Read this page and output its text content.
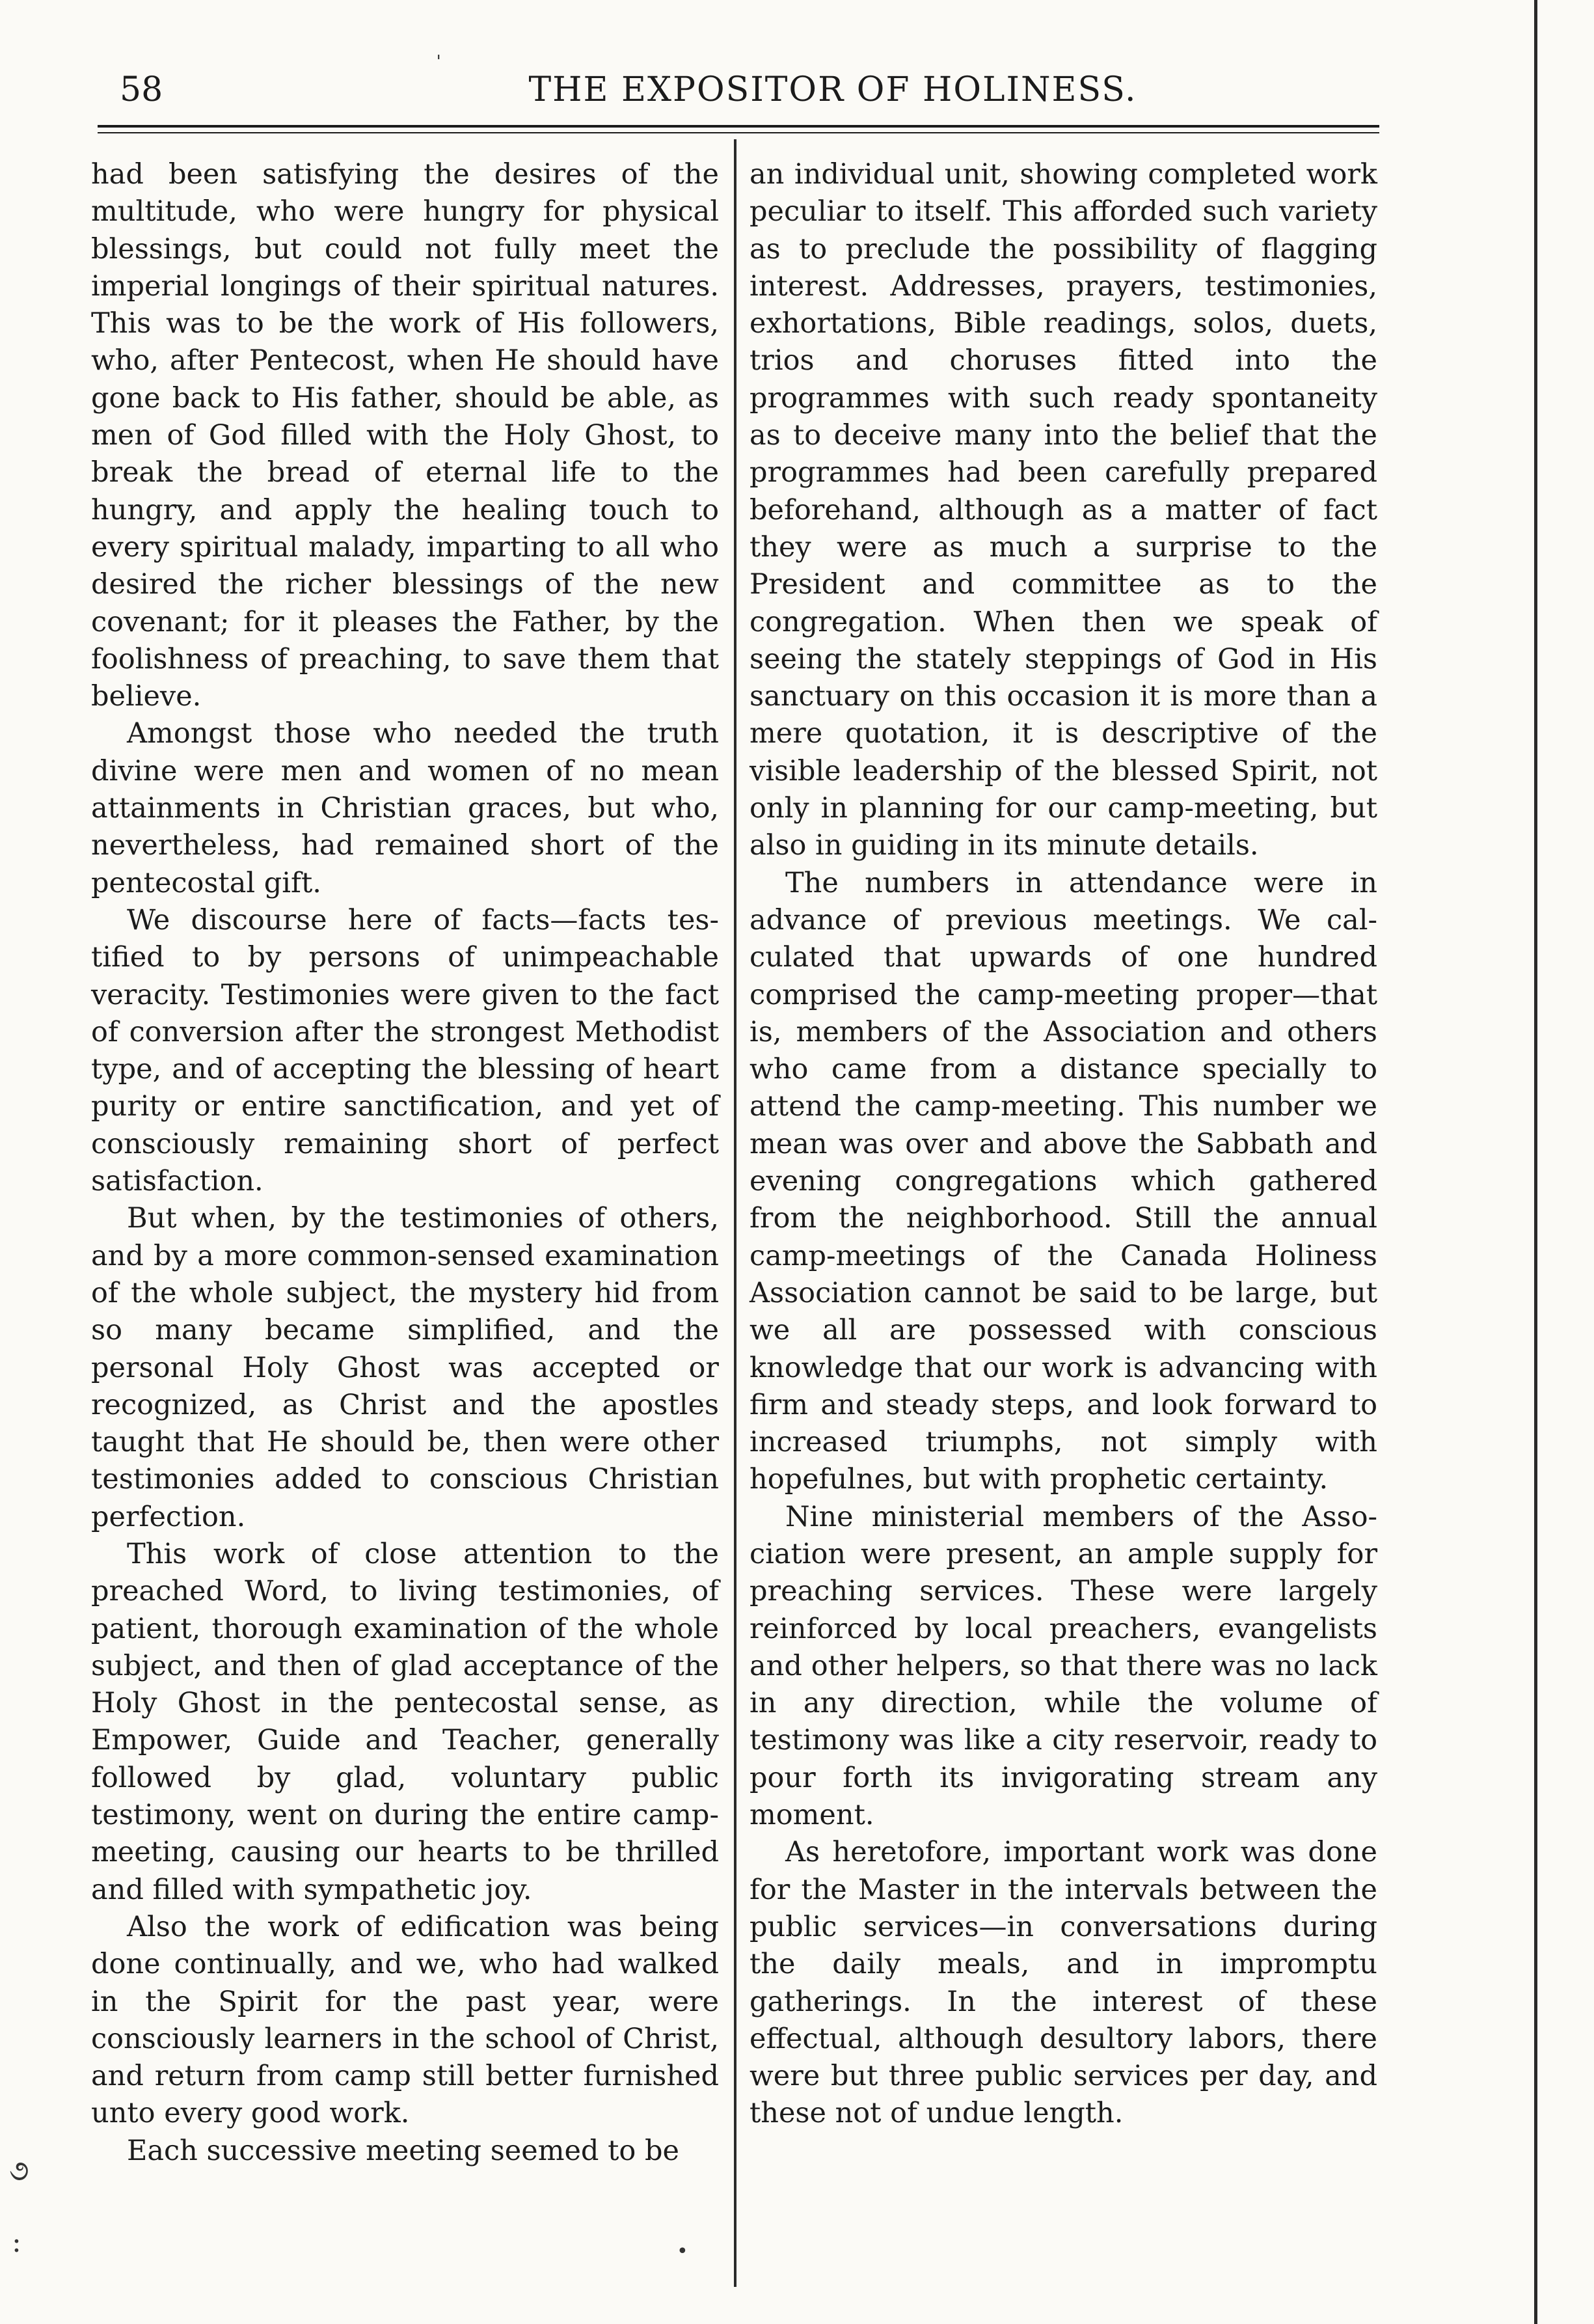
58	THE EXPOSITOR OF HOLINESS.

had been satisfying the desires of the multitude, who were hungry for physical blessings, but could not fully meet the imperial longings of their spiritual natures. This was to be the work of His followers, who, after Pentecost, when He should have gone back to His father, should be able, as men of God filled with the Holy Ghost, to break the bread of eternal life to the hungry, and apply the healing touch to every spiritual malady, imparting to all who desired the richer blessings of the new covenant; for it pleases the Father, by the foolishness of preaching, to save them that believe.

Amongst those who needed the truth divine were men and women of no mean attainments in Christian graces, but who, nevertheless, had remained short of the pentecostal gift.

We discourse here of facts—facts testified to by persons of unimpeachable veracity. Testimonies were given to the fact of conversion after the strongest Methodist type, and of accepting the blessing of heart purity or entire sanctification, and yet of consciously remaining short of perfect satisfaction.

But when, by the testimonies of others, and by a more common-sensed examination of the whole subject, the mystery hid from so many became simplified, and the personal Holy Ghost was accepted or recognized, as Christ and the apostles taught that He should be, then were other testimonies added to conscious Christian perfection.

This work of close attention to the preached Word, to living testimonies, of patient, thorough examination of the whole subject, and then of glad acceptance of the Holy Ghost in the pentecostal sense, as Empower, Guide and Teacher, generally followed by glad, voluntary public testimony, went on during the entire camp-meeting, causing our hearts to be thrilled and filled with sympathetic joy.

Also the work of edification was being done continually, and we, who had walked in the Spirit for the past year, were consciously learners in the school of Christ, and return from camp still better furnished unto every good work.

Each successive meeting seemed to be

an individual unit, showing completed work peculiar to itself. This afforded such variety as to preclude the possibility of flagging interest. Addresses, prayers, testimonies, exhortations, Bible readings, solos, duets, trios and choruses fitted into the programmes with such ready spontaneity as to deceive many into the belief that the programmes had been carefully prepared beforehand, although as a matter of fact they were as much a surprise to the President and committee as to the congregation. When then we speak of seeing the stately steppings of God in His sanctuary on this occasion it is more than a mere quotation, it is descriptive of the visible leadership of the blessed Spirit, not only in planning for our camp-meeting, but also in guiding in its minute details.

The numbers in attendance were in advance of previous meetings. We calculated that upwards of one hundred comprised the camp-meeting proper—that is, members of the Association and others who came from a distance specially to attend the camp-meeting. This number we mean was over and above the Sabbath and evening congregations which gathered from the neighborhood. Still the annual camp-meetings of the Canada Holiness Association cannot be said to be large, but we all are possessed with conscious knowledge that our work is advancing with firm and steady steps, and look forward to increased triumphs, not simply with hopefulnes, but with prophetic certainty.

Nine ministerial members of the Association were present, an ample supply for preaching services. These were largely reinforced by local preachers, evangelists and other helpers, so that there was no lack in any direction, while the volume of testimony was like a city reservoir, ready to pour forth its invigorating stream any moment.

As heretofore, important work was done for the Master in the intervals between the public services—in conversations during the daily meals, and in impromptu gatherings. In the interest of these effectual, although desultory labors, there were but three public services per day, and these not of undue length.

૭
:
ˈ
•
